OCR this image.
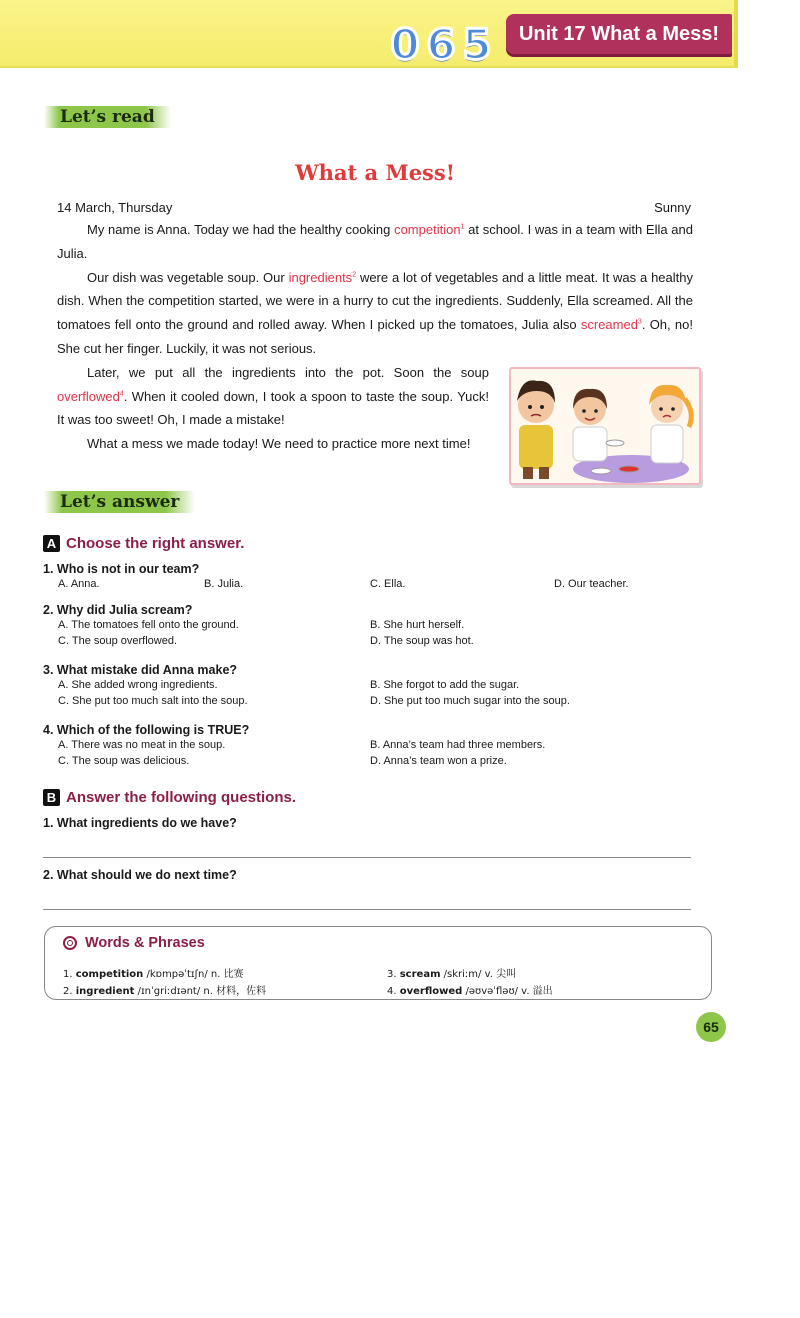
0 6 5	Unit 17 What a Mess!
Let’s read
What a Mess!

14 March, Thursday	Sunny

My name is Anna. Today we had the healthy cooking competition$^1$ at school. I was in a team with Ella and Julia.

Our dish was vegetable soup. Our ingredients$^2$ were a lot of vegetables and a little meat. It was a healthy dish. When the competition started, we were in a hurry to cut the ingredients. Suddenly, Ella screamed. All the tomatoes fell onto the ground and rolled away. When I picked up the tomatoes, Julia also screamed$^3$. Oh, no! She cut her finger. Luckily, it was not serious.

Later, we put all the ingredients into the pot. Soon the soup overflowed$^4$. When it cooled down, I took a spoon to taste the soup. Yuck! It was too sweet! Oh, I made a mistake!

What a mess we made today! We need to practice more next time!

Let’s answer
A Choose the right answer.
1. Who is not in our team?
A. Anna.	B. Julia.	C. Ella.	D. Our teacher.
2. Why did Julia scream?
A. The tomatoes fell onto the ground.	B. She hurt herself.
C. The soup overflowed.	D. The soup was hot.
3. What mistake did Anna make?
A. She added wrong ingredients.	B. She forgot to add the sugar.
C. She put too much salt into the soup.	D. She put too much sugar into the soup.
4. Which of the following is TRUE?
A. There was no meat in the soup.	B. Anna’s team had three members.
C. The soup was delicious.	D. Anna’s team won a prize.
B Answer the following questions.
1. What ingredients do we have?
2. What should we do next time?
Words & Phrases
1. competition /kɒmpəˈtɪʃn/ n. 比赛	3. scream /skriːm/ v. 尖叫
2. ingredient /ɪnˈgriːdɪənt/ n. 材料，佐料	4. overflowed /əʊvəˈfləʊ/ v. 溢出
65
